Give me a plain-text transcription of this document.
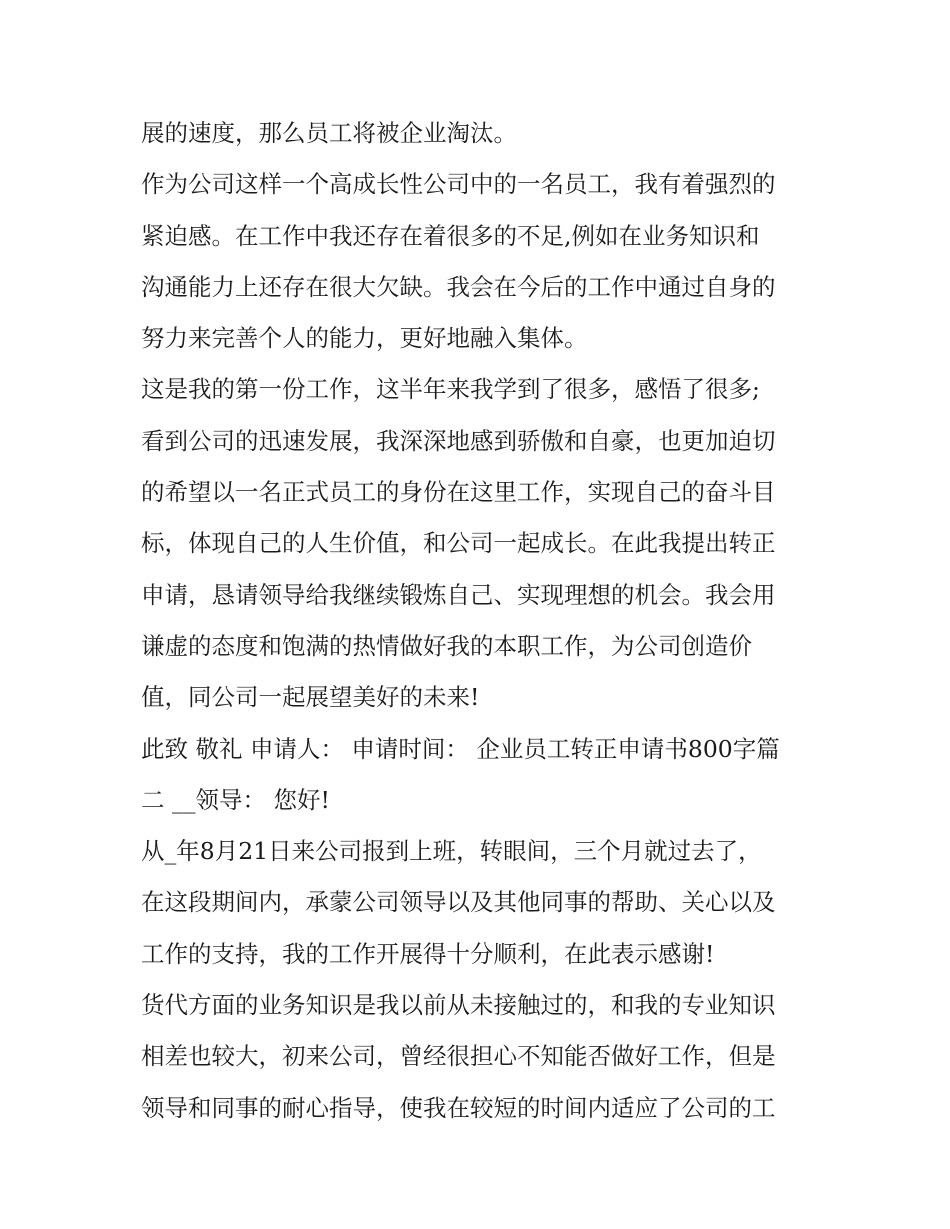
展的速度，那么员工将被企业淘汰。
作为公司这样一个高成长性公司中的一名员工，我有着强烈的
紧迫感。在工作中我还存在着很多的不足,例如在业务知识和
沟通能力上还存在很大欠缺。我会在今后的工作中通过自身的
努力来完善个人的能力，更好地融入集体。
这是我的第一份工作，这半年来我学到了很多，感悟了很多;
看到公司的迅速发展，我深深地感到骄傲和自豪，也更加迫切
的希望以一名正式员工的身份在这里工作，实现自己的奋斗目
标，体现自己的人生价值，和公司一起成长。在此我提出转正
申请，恳请领导给我继续锻炼自己、实现理想的机会。我会用
谦虚的态度和饱满的热情做好我的本职工作，为公司创造价
值，同公司一起展望美好的未来!
此致 敬礼 申请人： 申请时间： 企业员工转正申请书800字篇
二 __领导： 您好!
从_年8月21日来公司报到上班，转眼间，三个月就过去了，
在这段期间内，承蒙公司领导以及其他同事的帮助、关心以及
工作的支持，我的工作开展得十分顺利，在此表示感谢!
货代方面的业务知识是我以前从未接触过的，和我的专业知识
相差也较大，初来公司，曾经很担心不知能否做好工作，但是
领导和同事的耐心指导，使我在较短的时间内适应了公司的工
